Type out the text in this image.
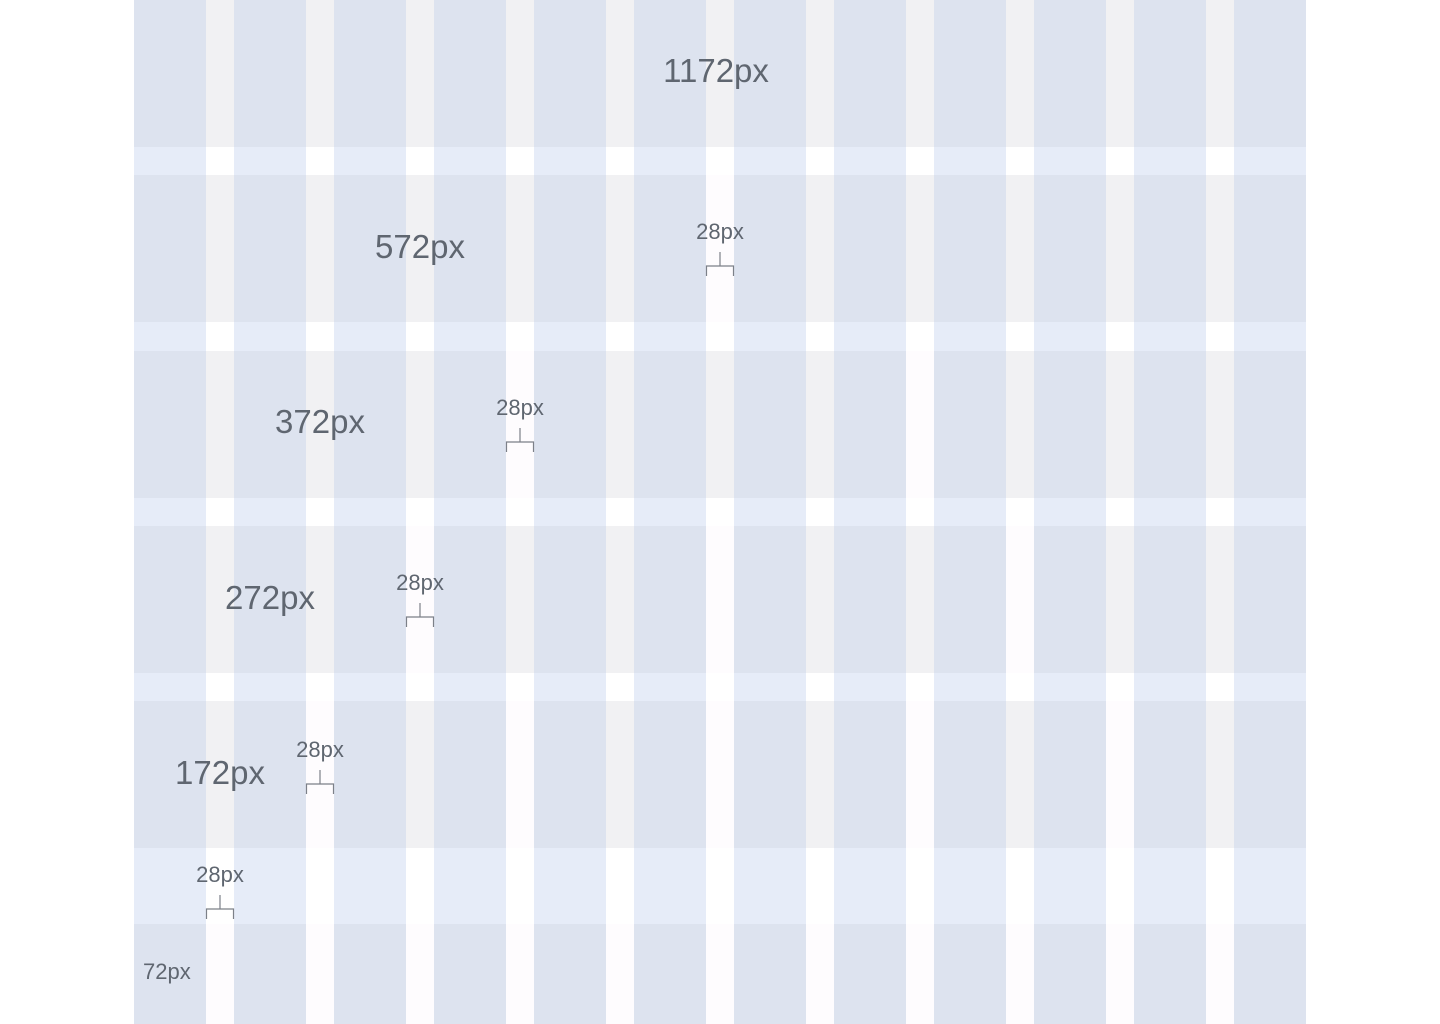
1172px
572px
372px
272px
172px
72px
28px
28px
28px
28px
28px
